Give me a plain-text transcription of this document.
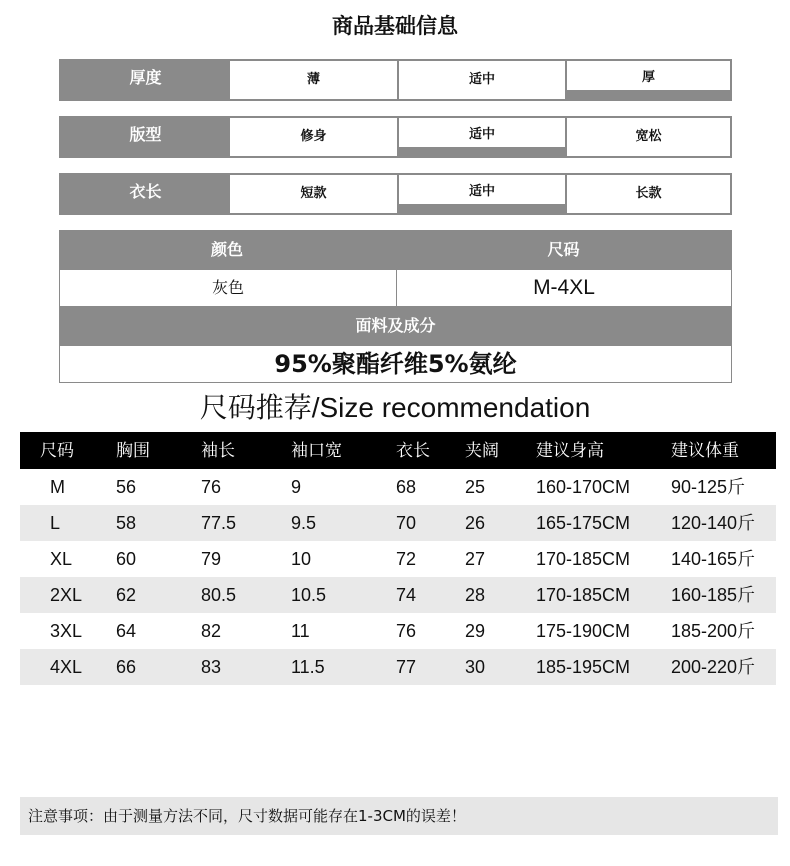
商品基础信息
厚度	薄	适中	厚
版型	修身	适中	宽松
衣长	短款	适中	长款
颜色	尺码
灰色	M-4XL
面料及成分
95%聚酯纤维5%氨纶
尺码推荐/Size recommendation
尺码 胸围	袖长	袖口宽	衣长 夹阔 建议身高	建议体重
M	56	76	9	68	25	160-170CM 90-125斤
L	58	77.5	9.5	70	26	165-175CM 120-140斤
XL 60	79	10	72	27	170-185CM 140-165斤
2XL 62	80.5	10.5	74	28	170-185CM 160-185斤
3XL 64	82	11	76	29	175-190CM 185-200斤
4XL 66	83	11.5	77	30	185-195CM 200-220斤
注意事项：由于测量方法不同，尺寸数据可能存在1-3CM的误差！
